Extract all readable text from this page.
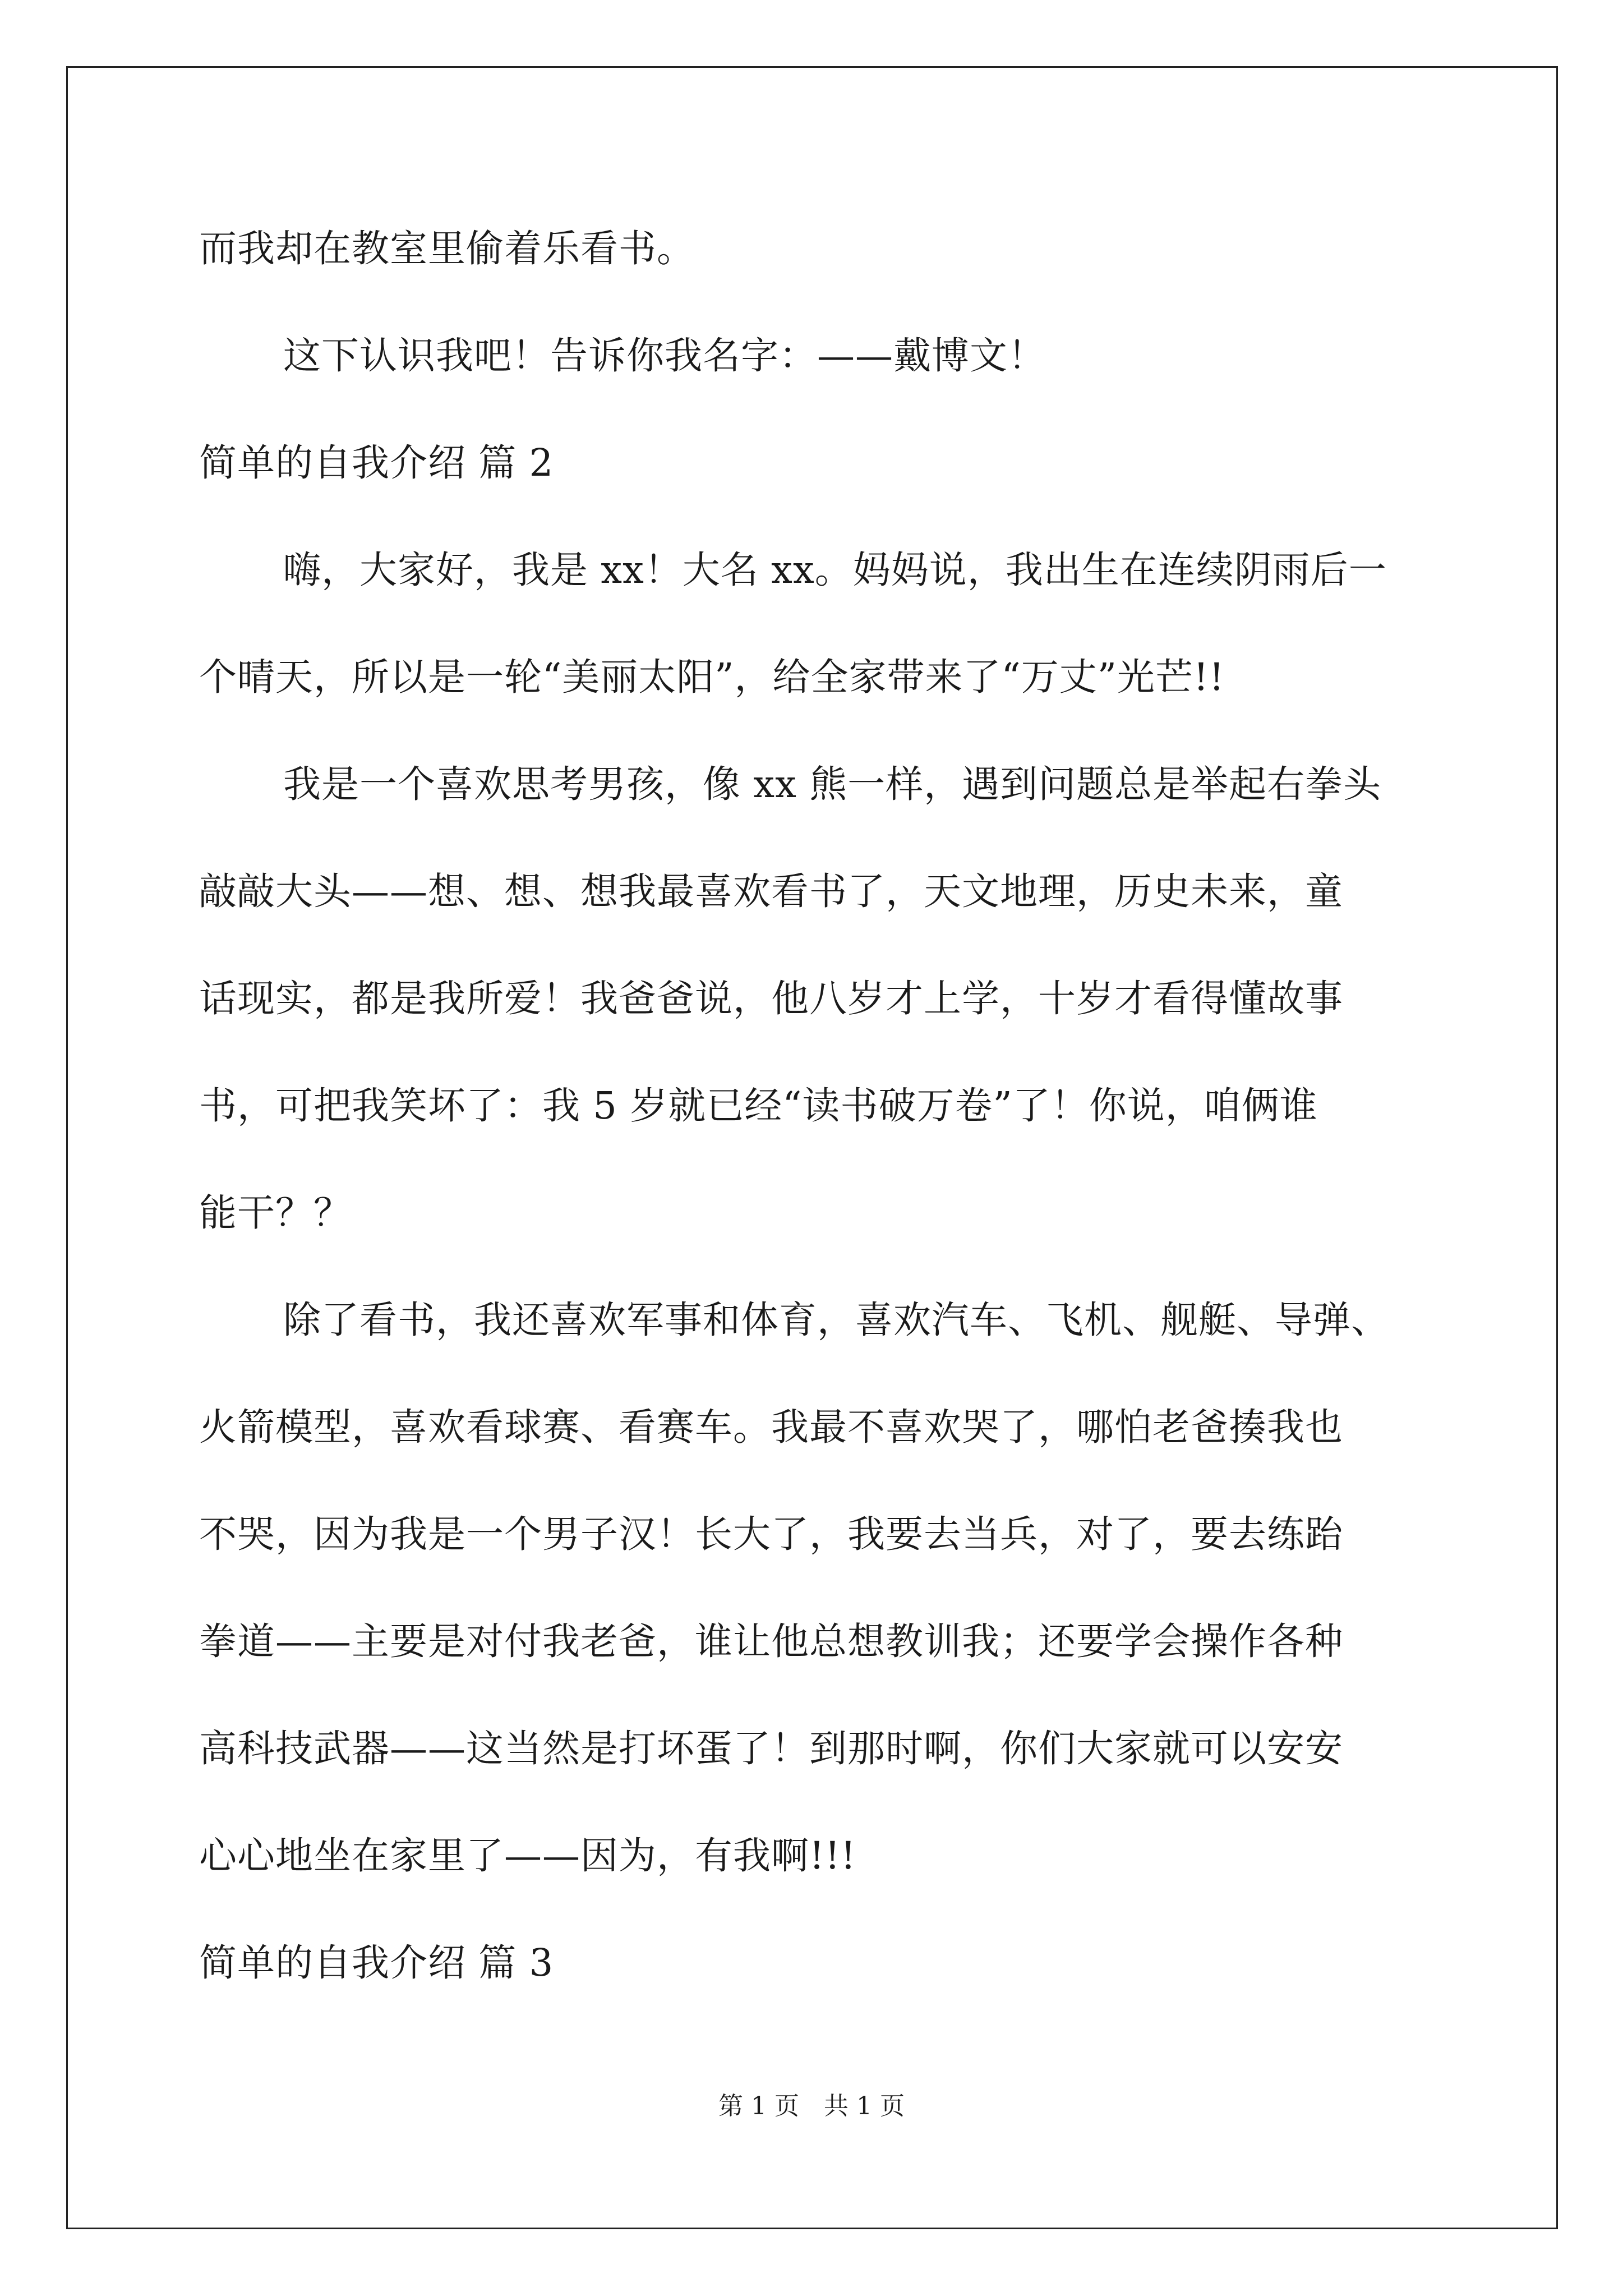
而我却在教室里偷着乐看书。
这下认识我吧！告诉你我名字：——戴博文！
简单的自我介绍 篇 2
嗨，大家好，我是 xx！大名 xx。妈妈说，我出生在连续阴雨后一
个晴天，所以是一轮“美丽太阳”，给全家带来了“万丈”光芒!!
我是一个喜欢思考男孩，像 xx 熊一样，遇到问题总是举起右拳头
敲敲大头——想、想、想我最喜欢看书了，天文地理，历史未来，童
话现实，都是我所爱！我爸爸说，他八岁才上学，十岁才看得懂故事
书，可把我笑坏了：我 5 岁就已经“读书破万卷”了！你说，咱俩谁
能干？？
除了看书，我还喜欢军事和体育，喜欢汽车、飞机、舰艇、导弹、
火箭模型，喜欢看球赛、看赛车。我最不喜欢哭了，哪怕老爸揍我也
不哭，因为我是一个男子汉！长大了，我要去当兵，对了，要去练跆
拳道——主要是对付我老爸，谁让他总想教训我；还要学会操作各种
高科技武器——这当然是打坏蛋了！到那时啊，你们大家就可以安安
心心地坐在家里了——因为，有我啊!!!
简单的自我介绍 篇 3
第 1 页　共 1 页
